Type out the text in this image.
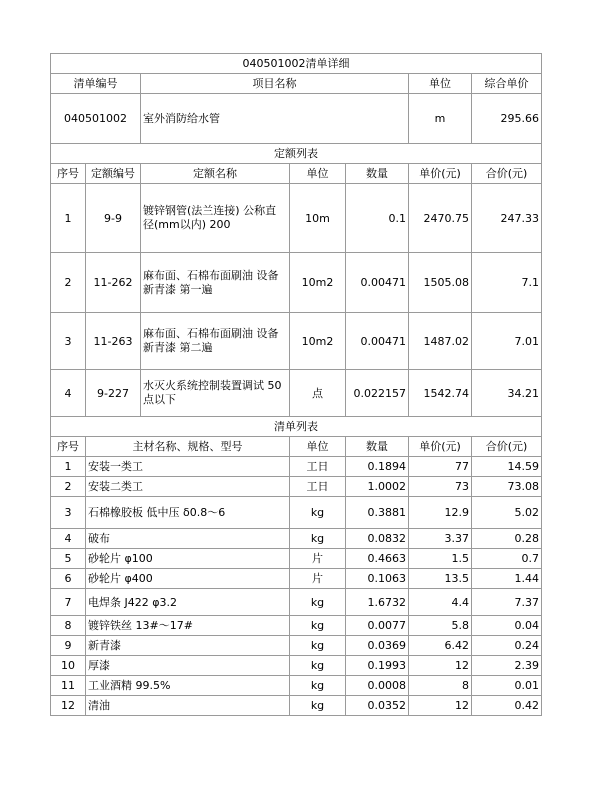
040501002清单详细						
清单编号		项目名称			单位	综合单价
040501002		室外消防给水管			m	295.66
定额列表						
序号	定额编号	定额名称	单位	数量	单价(元)	合价(元)
1	9-9	镀锌钢管(法兰连接) 公称直径(mm以内) 200	10m	0.1	2470.75	247.33
2	11-262	麻布面、石棉布面刷油 设备 新青漆 第一遍	10m2	0.00471	1505.08	7.1
3	11-263	麻布面、石棉布面刷油 设备 新青漆 第二遍	10m2	0.00471	1487.02	7.01
4	9-227	水灭火系统控制装置调试 50点以下	点	0.022157	1542.74	34.21
清单列表						
序号	主材名称、规格、型号		单位	数量	单价(元)	合价(元)
1	安装一类工		工日	0.1894	77	14.59
2	安装二类工		工日	1.0002	73	73.08
3	石棉橡胶板 低中压 δ0.8～6		kg	0.3881	12.9	5.02
4	破布		kg	0.0832	3.37	0.28
5	砂轮片 φ100		片	0.4663	1.5	0.7
6	砂轮片 φ400		片	0.1063	13.5	1.44
7	电焊条 J422 φ3.2		kg	1.6732	4.4	7.37
8	镀锌铁丝 13#～17#		kg	0.0077	5.8	0.04
9	新青漆		kg	0.0369	6.42	0.24
10	厚漆		kg	0.1993	12	2.39
11	工业酒精 99.5%		kg	0.0008	8	0.01
12	清油		kg	0.0352	12	0.42
